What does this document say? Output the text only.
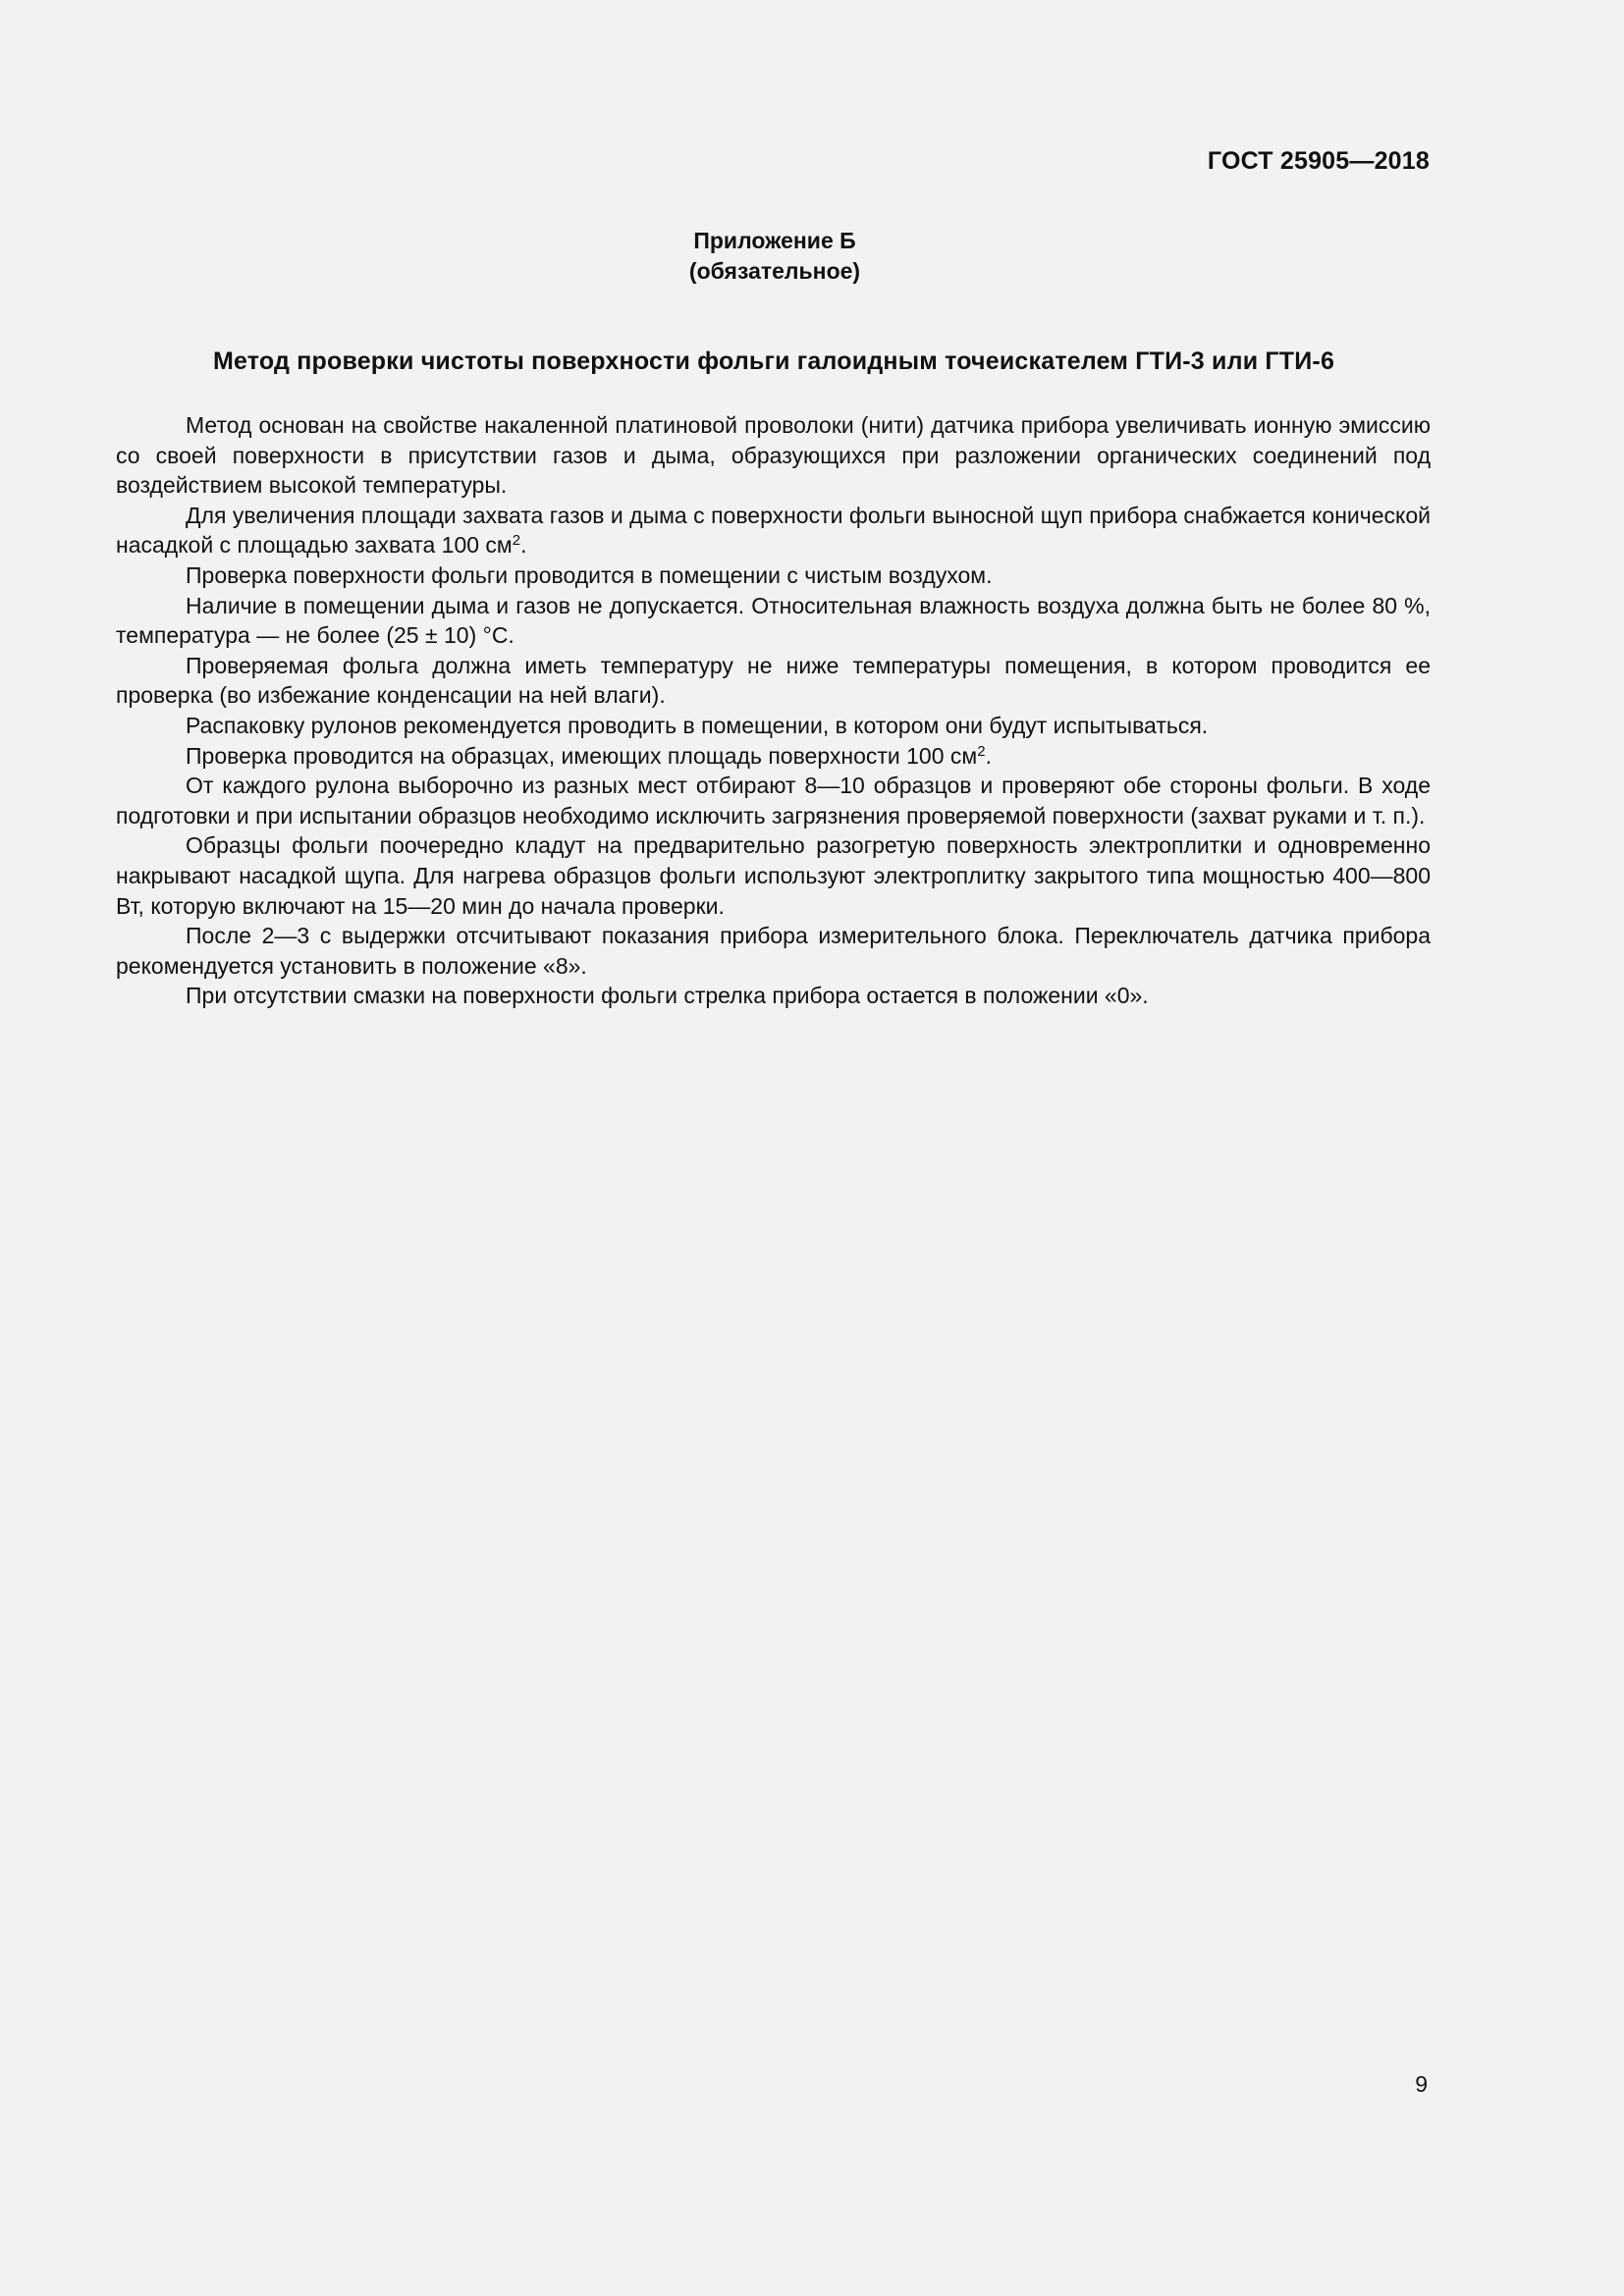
ГОСТ 25905—2018
Приложение Б
(обязательное)
Метод проверки чистоты поверхности фольги галоидным точеискателем ГТИ-3 или ГТИ-6

Метод основан на свойстве накаленной платиновой проволоки (нити) датчика прибора увеличивать ионную эмиссию со своей поверхности в присутствии газов и дыма, образующихся при разложении органических соединений под воздействием высокой температуры.

Для увеличения площади захвата газов и дыма с поверхности фольги выносной щуп прибора снабжается конической насадкой с площадью захвата 100 $см^2$.

Проверка поверхности фольги проводится в помещении с чистым воздухом.

Наличие в помещении дыма и газов не допускается. Относительная влажность воздуха должна быть не более 80 %, температура — не более (25 ± 10) °С.

Проверяемая фольга должна иметь температуру не ниже температуры помещения, в котором проводится ее проверка (во избежание конденсации на ней влаги).

Распаковку рулонов рекомендуется проводить в помещении, в котором они будут испытываться.

Проверка проводится на образцах, имеющих площадь поверхности 100 $см^2$.

От каждого рулона выборочно из разных мест отбирают 8—10 образцов и проверяют обе стороны фольги. В ходе подготовки и при испытании образцов необходимо исключить загрязнения проверяемой поверхности (захват руками и т. п.).

Образцы фольги поочередно кладут на предварительно разогретую поверхность электроплитки и одновременно накрывают насадкой щупа. Для нагрева образцов фольги используют электроплитку закрытого типа мощностью 400—800 Вт, которую включают на 15—20 мин до начала проверки.

После 2—3 с выдержки отсчитывают показания прибора измерительного блока. Переключатель датчика прибора рекомендуется установить в положение «8».

При отсутствии смазки на поверхности фольги стрелка прибора остается в положении «0».

9
